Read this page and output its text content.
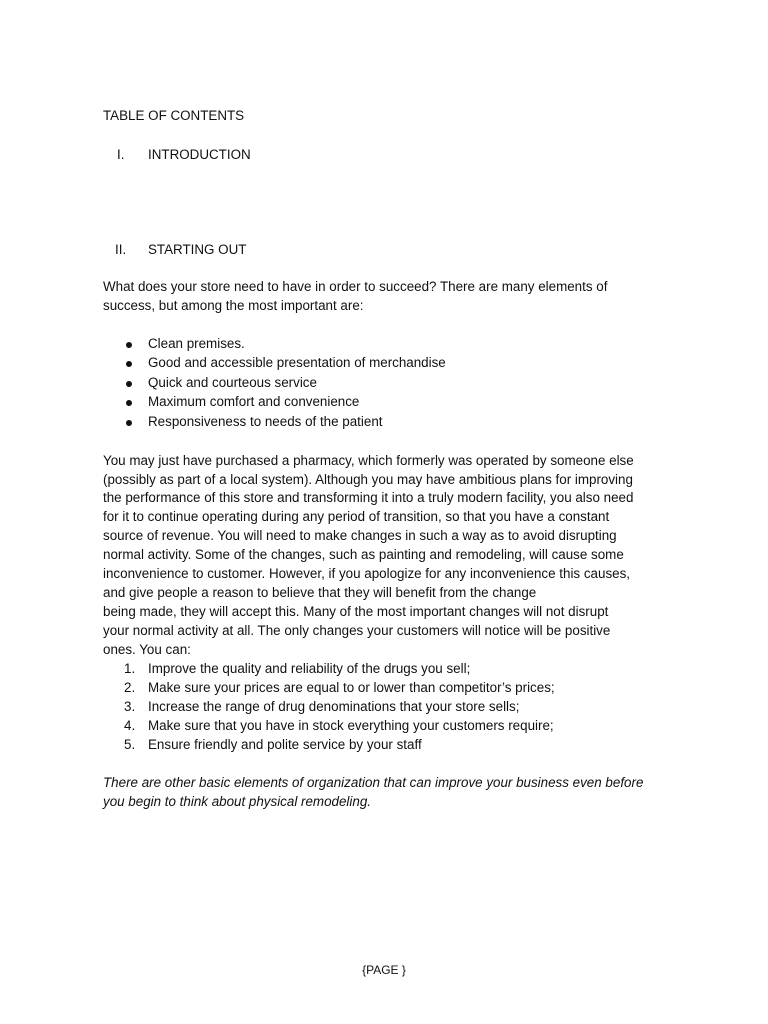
TABLE OF CONTENTS
I. INTRODUCTION
II. STARTING OUT
What does your store need to have in order to succeed? There are many elements of
success, but among the most important are:
Clean premises.
Good and accessible presentation of merchandise
Quick and courteous service
Maximum comfort and convenience
Responsiveness to needs of the patient
You may just have purchased a pharmacy, which formerly was operated by someone else
(possibly as part of a local system). Although you may have ambitious plans for improving
the performance of this store and transforming it into a truly modern facility, you also need
for it to continue operating during any period of transition, so that you have a constant
source of revenue. You will need to make changes in such a way as to avoid disrupting
normal activity. Some of the changes, such as painting and remodeling, will cause some
inconvenience to customer. However, if you apologize for any inconvenience this causes,
and give people a reason to believe that they will benefit from the change
being made, they will accept this. Many of the most important changes will not disrupt
your normal activity at all. The only changes your customers will notice will be positive
ones. You can:
1. Improve the quality and reliability of the drugs you sell;
2. Make sure your prices are equal to or lower than competitor’s prices;
3. Increase the range of drug denominations that your store sells;
4. Make sure that you have in stock everything your customers require;
5. Ensure friendly and polite service by your staff
There are other basic elements of organization that can improve your business even before
you begin to think about physical remodeling.
{PAGE }
